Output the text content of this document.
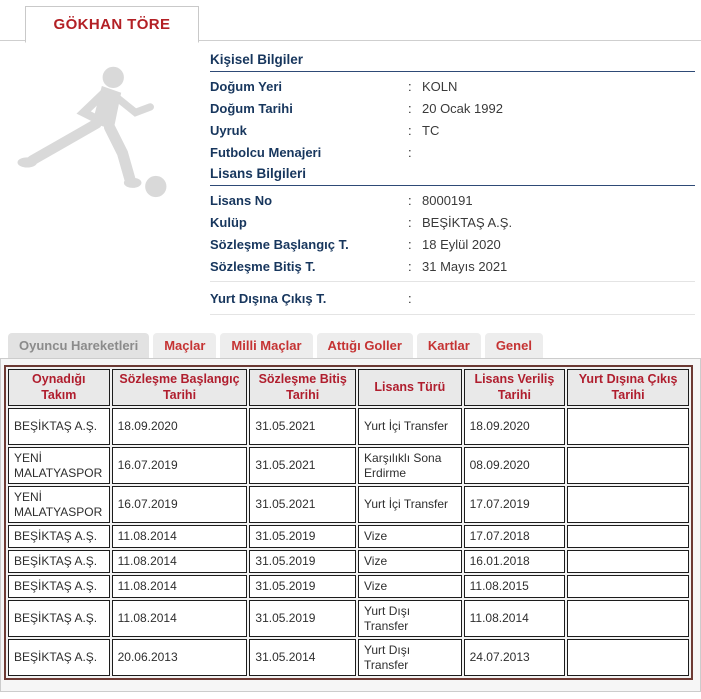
GÖKHAN TÖRE
Kişisel Bilgiler
Doğum Yeri :	KOLN
Doğum Tarihi :	20 Ocak 1992
Uyruk :	TC
Futbolcu Menajeri
:
Lisans Bilgileri
Lisans No :	8000191
Kulüp :	BEŞİKTAŞ A.Ş.
Sözleşme Başlangıç T. :	18 Eylül 2020
Sözleşme Bitiş T. :	31 Mayıs 2021
Yurt Dışına Çıkış T.
:
Oyuncu Hareketleri	Maçlar	Milli Maçlar	Attığı Goller	Kartlar	Genel
Oynadığı Takım	Sözleşme Başlangıç Tarihi	Sözleşme Bitiş Tarihi	Lisans Türü	Lisans Veriliş Tarihi	Yurt Dışına Çıkış Tarihi
BEŞİKTAŞ A.Ş.	18.09.2020	31.05.2021	Yurt İçi Transfer	18.09.2020	
YENİ MALATYASPOR	16.07.2019	31.05.2021	Karşılıklı Sona Erdirme	08.09.2020	
YENİ MALATYASPOR	16.07.2019	31.05.2021	Yurt İçi Transfer	17.07.2019	
BEŞİKTAŞ A.Ş.	11.08.2014	31.05.2019	Vize	17.07.2018	
BEŞİKTAŞ A.Ş.	11.08.2014	31.05.2019	Vize	16.01.2018	
BEŞİKTAŞ A.Ş.	11.08.2014	31.05.2019	Vize	11.08.2015	
BEŞİKTAŞ A.Ş.	11.08.2014	31.05.2019	Yurt Dışı Transfer	11.08.2014	
BEŞİKTAŞ A.Ş.	20.06.2013	31.05.2014	Yurt Dışı Transfer	24.07.2013	
